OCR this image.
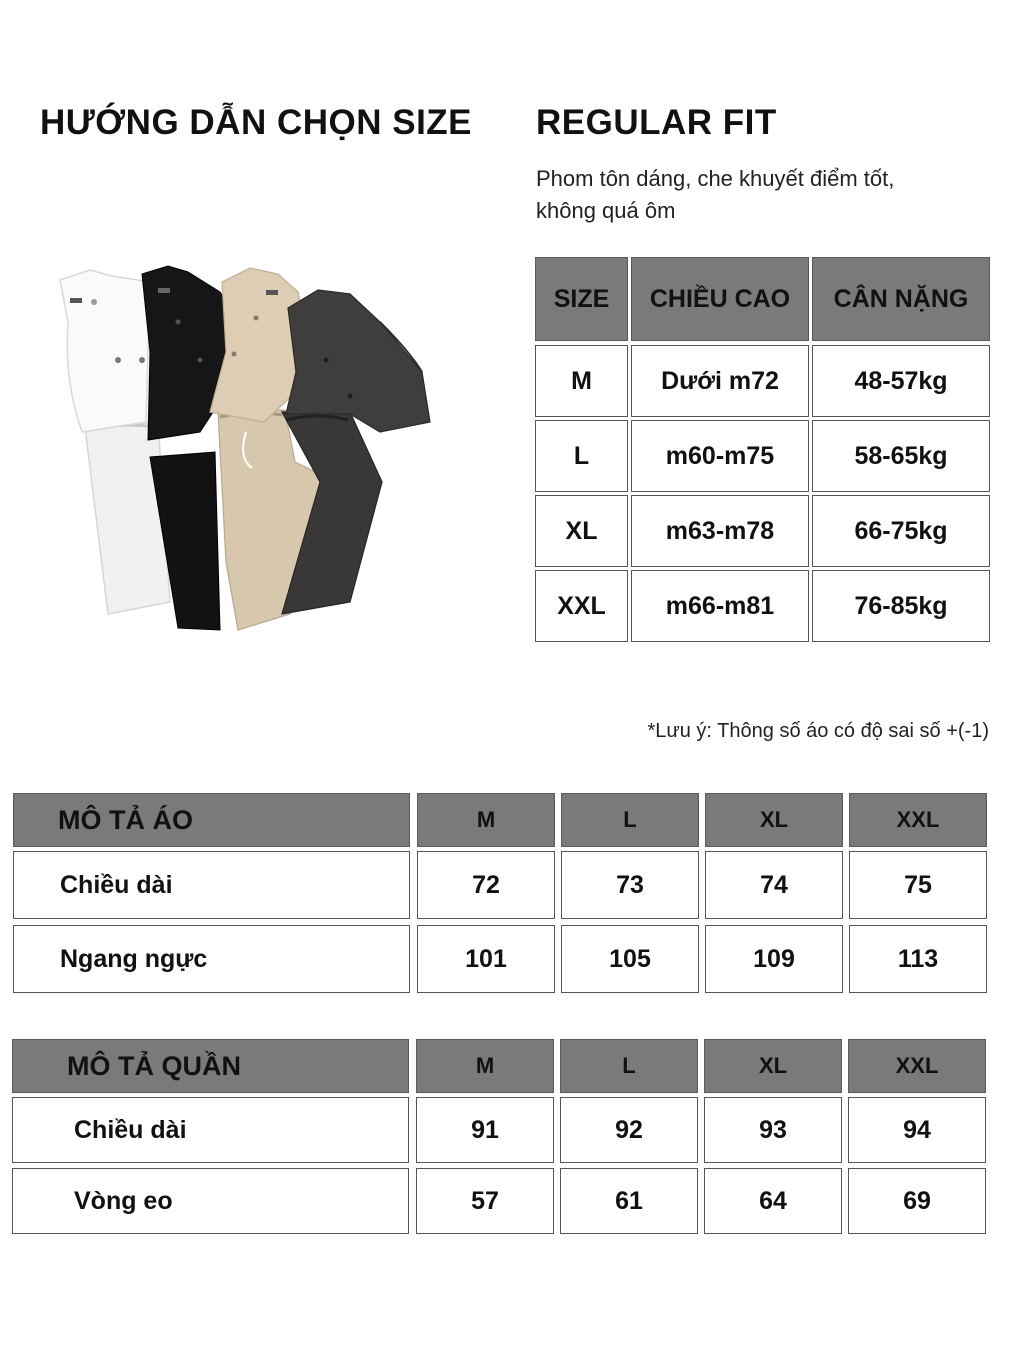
HƯỚNG DẪN CHỌN SIZE REGULAR FIT
Phom tôn dáng, che khuyết điểm tốt,
không quá ôm
SIZE	CHIỀU CAO	CÂN NẶNG
M	Dưới m72	48-57kg
L	m60-m75	58-65kg
XL	m63-m78	66-75kg
XXL	m66-m81	76-85kg
*Lưu ý: Thông số áo có độ sai số +(-1)
MÔ TẢ ÁO	M	L	XL	XXL
Chiều dài	72	73	74	75
Ngang ngực	101	105	109	113
MÔ TẢ QUẦN	M	L	XL	XXL
Chiều dài	91	92	93	94
Vòng eo	57	61	64	69
